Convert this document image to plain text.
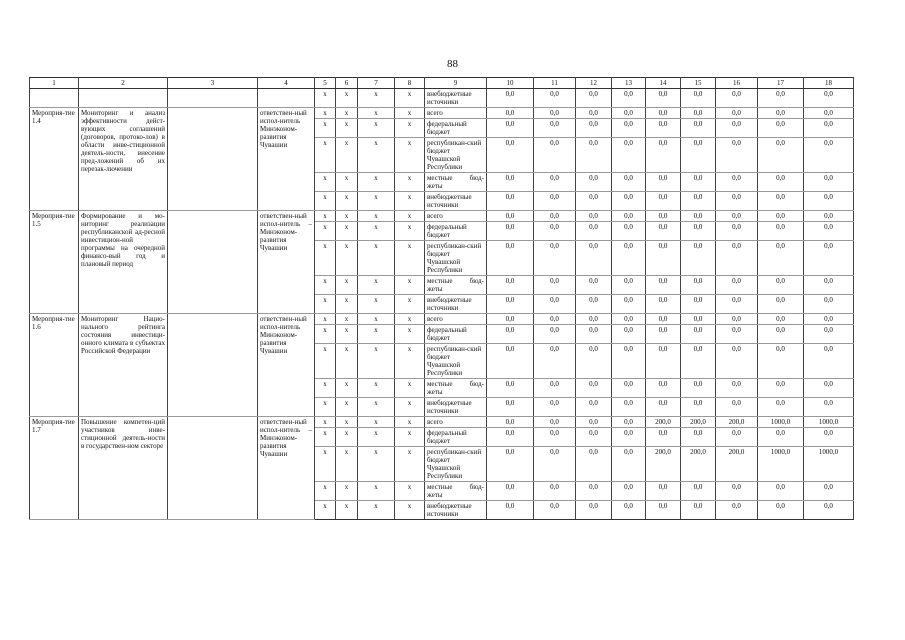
88
1	2	3	4	5	6	7	8	9	10	11	12	13	14	15	16	17	18
				х	х	х	х	внебюджетные источники	0,0	0,0	0,0	0,0	0,0	0,0	0,0	0,0	0,0
Мероприя-тие 1.4	Мониторинг и анализ эффективности дейст-вующих соглашений (договоров, протоко-лов) в области инве-стиционной деятель-ности, внесение пред-ложений об их перезак-лючении		ответствен-ный испол-нитель Минэконом-развития Чувашии	х	х	х	х	всего	0,0	0,0	0,0	0,0	0,0	0,0	0,0	0,0	0,0
				х	х	х	х	федеральный бюджет	0,0	0,0	0,0	0,0	0,0	0,0	0,0	0,0	0,0
				х	х	х	х	республикан-ский бюджет Чувашской Республики	0,0	0,0	0,0	0,0	0,0	0,0	0,0	0,0	0,0
				х	х	х	х	местные бюд-жеты	0,0	0,0	0,0	0,0	0,0	0,0	0,0	0,0	0,0
				х	х	х	х	внебюджетные источники	0,0	0,0	0,0	0,0	0,0	0,0	0,0	0,0	0,0
Мероприя-тие 1.5	Формирование и мо-ниторинг реализации республиканской ад-ресной инвестицион-ной программы на очередной финансо-вый год и плановый период		ответствен-ный испол-нитель – Минэконом-развития Чувашии	х	х	х	х	всего	0,0	0,0	0,0	0,0	0,0	0,0	0,0	0,0	0,0
				х	х	х	х	федеральный бюджет	0,0	0,0	0,0	0,0	0,0	0,0	0,0	0,0	0,0
				х	х	х	х	республикан-ский бюджет Чувашской Республики	0,0	0,0	0,0	0,0	0,0	0,0	0,0	0,0	0,0
				х	х	х	х	местные бюд-жеты	0,0	0,0	0,0	0,0	0,0	0,0	0,0	0,0	0,0
				х	х	х	х	внебюджетные источники	0,0	0,0	0,0	0,0	0,0	0,0	0,0	0,0	0,0
Мероприя-тие 1.6	Мониторинг Нацио-нального рейтинга состояния инвестици-онного климата в субъектах Российской Федерации		ответствен-ный испол-нитель Минэконом-развития Чувашии	х	х	х	х	всего	0,0	0,0	0,0	0,0	0,0	0,0	0,0	0,0	0,0
				х	х	х	х	федеральный бюджет	0,0	0,0	0,0	0,0	0,0	0,0	0,0	0,0	0,0
				х	х	х	х	республикан-ский бюджет Чувашской Республики	0,0	0,0	0,0	0,0	0,0	0,0	0,0	0,0	0,0
				х	х	х	х	местные бюд-жеты	0,0	0,0	0,0	0,0	0,0	0,0	0,0	0,0	0,0
				х	х	х	х	внебюджетные источники	0,0	0,0	0,0	0,0	0,0	0,0	0,0	0,0	0,0
Мероприя-тие 1.7	Повышение компетен-ций участников инве-стиционной деятель-ности в государствен-ном секторе		ответствен-ный испол-нитель – Минэконом-развития Чувашии	х	х	х	х	всего	0,0	0,0	0,0	0,0	200,0	200,0	200,0	1000,0	1000,0
				х	х	х	х	федеральный бюджет	0,0	0,0	0,0	0,0	0,0	0,0	0,0	0,0	0,0
				х	х	х	х	республикан-ский бюджет Чувашской Республики	0,0	0,0	0,0	0,0	200,0	200,0	200,0	1000,0	1000,0
				х	х	х	х	местные бюд-жеты	0,0	0,0	0,0	0,0	0,0	0,0	0,0	0,0	0,0
				х	х	х	х	внебюджетные источники	0,0	0,0	0,0	0,0	0,0	0,0	0,0	0,0	0,0
